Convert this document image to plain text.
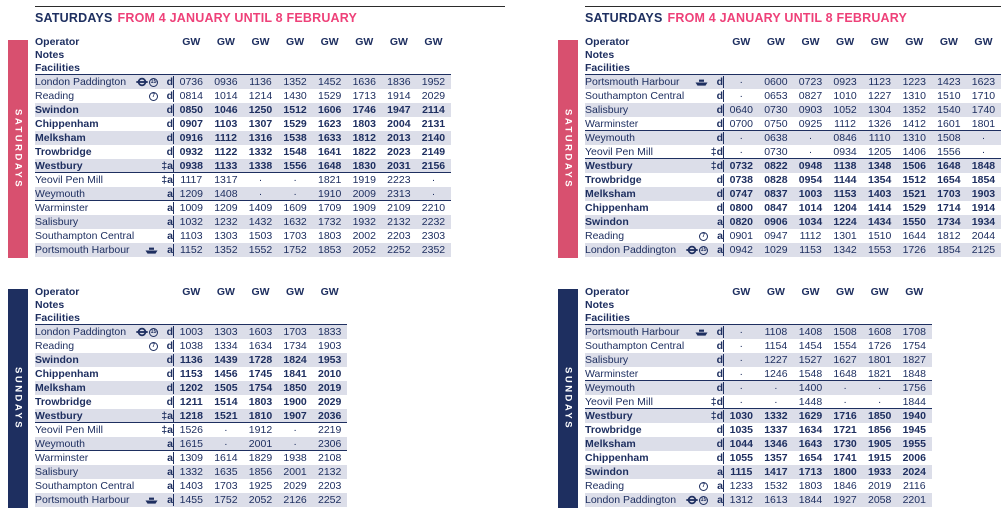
SATURDAYS FROM 4 JANUARY UNTIL 8 FEBRUARY
SATURDAYS
Operator	GW	GW	GW	GW	GW	GW	GW	GW
Notes
Facilities
London Paddington	15 d 0736	0936	1136	1352	1452	1636	1836	1952
Reading	7	d 0814	1014	1214	1430	1529	1713	1914	2029
Swindon	d 0850	1046	1250	1512	1606	1746	1947	2114
Chippenham	d 0907	1103	1307	1529	1623	1803	2004	2131
Melksham	d 0916	1112	1316	1538	1633	1812	2013	2140
Trowbridge	d 0932	1122	1332	1548	1641	1822	2023	2149
Westbury	‡a 0938	1133	1338	1556	1648	1830	2031	2156
Yeovil Pen Mill	‡a 1117	1317	·	·	1821	1919	2223	·
Weymouth	a 1209	1408	·	·	1910	2009	2313	·
Warminster	a 1009	1209	1409	1609	1709	1909	2109	2210
Salisbury	a 1032	1232	1432	1632	1732	1932	2132	2232
Southampton Central	a 1103	1303	1503	1703	1803	2002	2203	2303
Portsmouth Harbour	a 1152	1352	1552	1752	1853	2052	2252	2352
SATURDAYS FROM 4 JANUARY UNTIL 8 FEBRUARY
SATURDAYS
Operator	GW	GW	GW	GW	GW	GW	GW	GW
Notes
Facilities
Portsmouth Harbour	d	·	0600	0723	0923	1123	1223	1423	1623
Southampton Central	d	·	0653	0827	1010	1227	1310	1510	1710
Salisbury	d 0640	0730	0903	1052	1304	1352	1540	1740
Warminster	d 0700	0750	0925	1112	1326	1412	1601	1801
Weymouth	d	·	0638	·	0846	1110	1310	1508	·
Yeovil Pen Mill	‡d	·	0730	·	0934	1205	1406	1556	·
Westbury	‡d 0732	0822	0948	1138	1348	1506	1648	1848
Trowbridge	d 0738	0828	0954	1144	1354	1512	1654	1854
Melksham	d 0747	0837	1003	1153	1403	1521	1703	1903
Chippenham	d 0800	0847	1014	1204	1414	1529	1714	1914
Swindon	a 0820	0906	1034	1224	1434	1550	1734	1934
Reading	7	a 0901	0947	1112	1301	1510	1644	1812	2044
London Paddington	15	a 0942	1029	1153	1342	1553	1726	1854	2125
SUNDAYS
Operator	GW	GW	GW	GW	GW
Notes
Facilities
London Paddington	15 d 1003	1303	1603	1703	1833
Reading	7	d 1038	1334	1634	1734	1903
Swindon	d 1136	1439	1728	1824	1953
Chippenham	d 1153	1456	1745	1841	2010
Melksham	d 1202	1505	1754	1850	2019
Trowbridge	d 1211	1514	1803	1900	2029
Westbury	‡a 1218	1521	1810	1907	2036
Yeovil Pen Mill	‡a 1526	·	1912	·	2219
Weymouth	a 1615	·	2001	·	2306
Warminster	a 1309	1614	1829	1938	2108
Salisbury	a 1332	1635	1856	2001	2132
Southampton Central	a 1403	1703	1925	2029	2203
Portsmouth Harbour	a 1455	1752	2052	2126	2252
SUNDAYS
Operator	GW	GW	GW	GW	GW	GW
Notes
Facilities
Portsmouth Harbour	d	·	1108	1408	1508	1608	1708
Southampton Central	d	·	1154	1454	1554	1726	1754
Salisbury	d	·	1227	1527	1627	1801	1827
Warminster	d	·	1246	1548	1648	1821	1848
Weymouth	d	·	·	1400	·	·	1756
Yeovil Pen Mill	‡d	·	·	1448	·	·	1844
Westbury	‡d 1030	1332	1629	1716	1850	1940
Trowbridge	d 1035	1337	1634	1721	1856	1945
Melksham	d 1044	1346	1643	1730	1905	1955
Chippenham	d 1055	1357	1654	1741	1915	2006
Swindon	a 1115	1417	1713	1800	1933	2024
Reading	7	a 1233	1532	1803	1846	2019	2116
London Paddington	15	a 1312	1613	1844	1927	2058	2201
